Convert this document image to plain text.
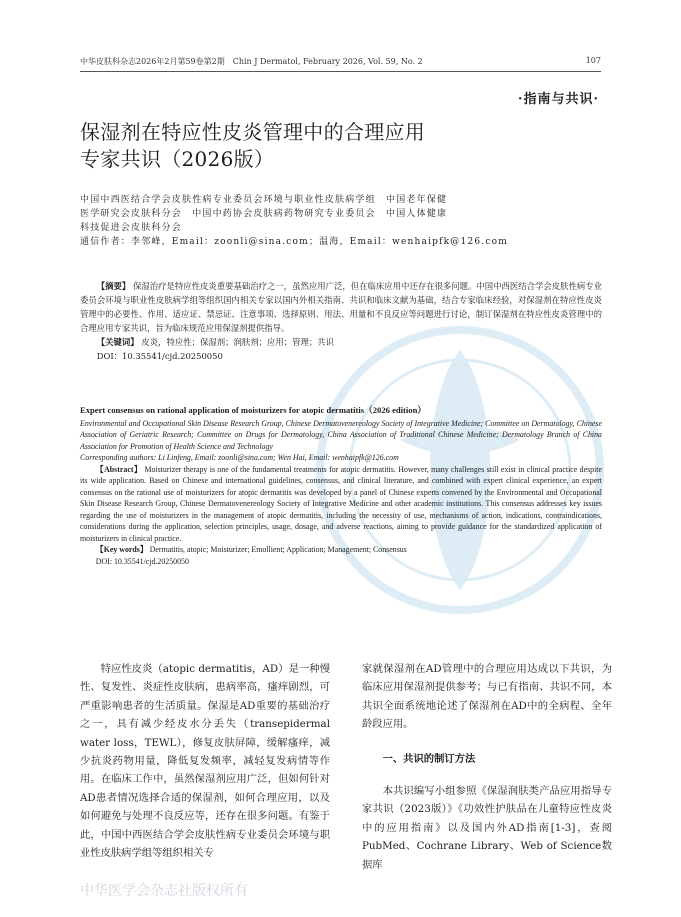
中华皮肤科杂志2026年2月第59卷第2期　Chin J Dermatol, February 2026, Vol. 59, No. 2	107
·指南与共识·
保湿剂在特应性皮炎管理中的合理应用
专家共识（2026版）
中国中西医结合学会皮肤性病专业委员会环境与职业性皮肤病学组　中国老年保健
医学研究会皮肤科分会　中国中药协会皮肤病药物研究专业委员会　中国人体健康
科技促进会皮肤科分会
通信作者：李邻峰，Email：zoonli@sina.com；温海，Email：wenhaipfk@126.com
【摘要】 保湿治疗是特应性皮炎重要基础治疗之一，虽然应用广泛，但在临床应用中还存在很多问题。中国中西医结合学会皮肤性病专业委员会环境与职业性皮肤病学组等组织国内相关专家以国内外相关指南、共识和临床文献为基础，结合专家临床经验，对保湿剂在特应性皮炎管理中的必要性、作用、适应证、禁忌证、注意事项、选择原则、用法、用量和不良反应等问题进行讨论，制订保湿剂在特应性皮炎管理中的合理应用专家共识，旨为临床规范应用保湿剂提供指导。
【关键词】 皮炎，特应性；保湿剂；润肤剂；应用；管理；共识
DOI：10.35541/cjd.20250050
Expert consensus on rational application of moisturizers for atopic dermatitis（2026 edition）
Environmental and Occupational Skin Disease Research Group, Chinese Dermatovenereology Society of Integrative Medicine; Committee on Dermatology, Chinese Association of Geriatric Research; Committee on Drugs for Dermatology, China Association of Traditional Chinese Medicine; Dermatology Branch of China Association for Promotion of Health Science and Technology
Corresponding authors: Li Linfeng, Email: zoonli@sina.com; Wen Hai, Email: wenhaipfk@126.com
【Abstract】 Moisturizer therapy is one of the fundamental treatments for atopic dermatitis. However, many challenges still exist in clinical practice despite its wide application. Based on Chinese and international guidelines, consensus, and clinical literature, and combined with expert clinical experience, an expert consensus on the rational use of moisturizers for atopic dermatitis was developed by a panel of Chinese experts convened by the Environmental and Occupational Skin Disease Research Group, Chinese Dermatovenereology Society of Integrative Medicine and other academic institutions. This consensus addresses key issues regarding the use of moisturizers in the management of atopic dermatitis, including the necessity of use, mechanisms of action, indications, contraindications, considerations during the application, selection principles, usage, dosage, and adverse reactions, aiming to provide guidance for the standardized application of moisturizers in clinical practice.
【Key words】 Dermatitis, atopic; Moisturizer; Emollient; Application; Management; Consensus
DOI: 10.35541/cjd.20250050
特应性皮炎（atopic dermatitis，AD）是一种慢性、复发性、炎症性皮肤病，患病率高，瘙痒剧烈，可严重影响患者的生活质量。保湿是AD重要的基础治疗之一，具有减少经皮水分丢失（transepidermal water loss，TEWL），修复皮肤屏障，缓解瘙痒，减少抗炎药物用量，降低复发频率，减轻复发病情等作用。在临床工作中，虽然保湿剂应用广泛，但如何针对AD患者情况选择合适的保湿剂，如何合理应用，以及如何避免与处理不良反应等，还存在很多问题。有鉴于此，中国中西医结合学会皮肤性病专业委员会环境与职业性皮肤病学组等组织相关专
家就保湿剂在AD管理中的合理应用达成以下共识，为临床应用保湿剂提供参考；与已有指南、共识不同，本共识全面系统地论述了保湿剂在AD中的全病程、全年龄段应用。
一、共识的制订方法
本共识编写小组参照《保湿润肤类产品应用指导专家共识（2023版）》《功效性护肤品在儿童特应性皮炎中的应用指南》以及国内外AD指南[1-3]，查阅PubMed、Cochrane Library、Web of Science数据库
中华医学会杂志社版权所有
